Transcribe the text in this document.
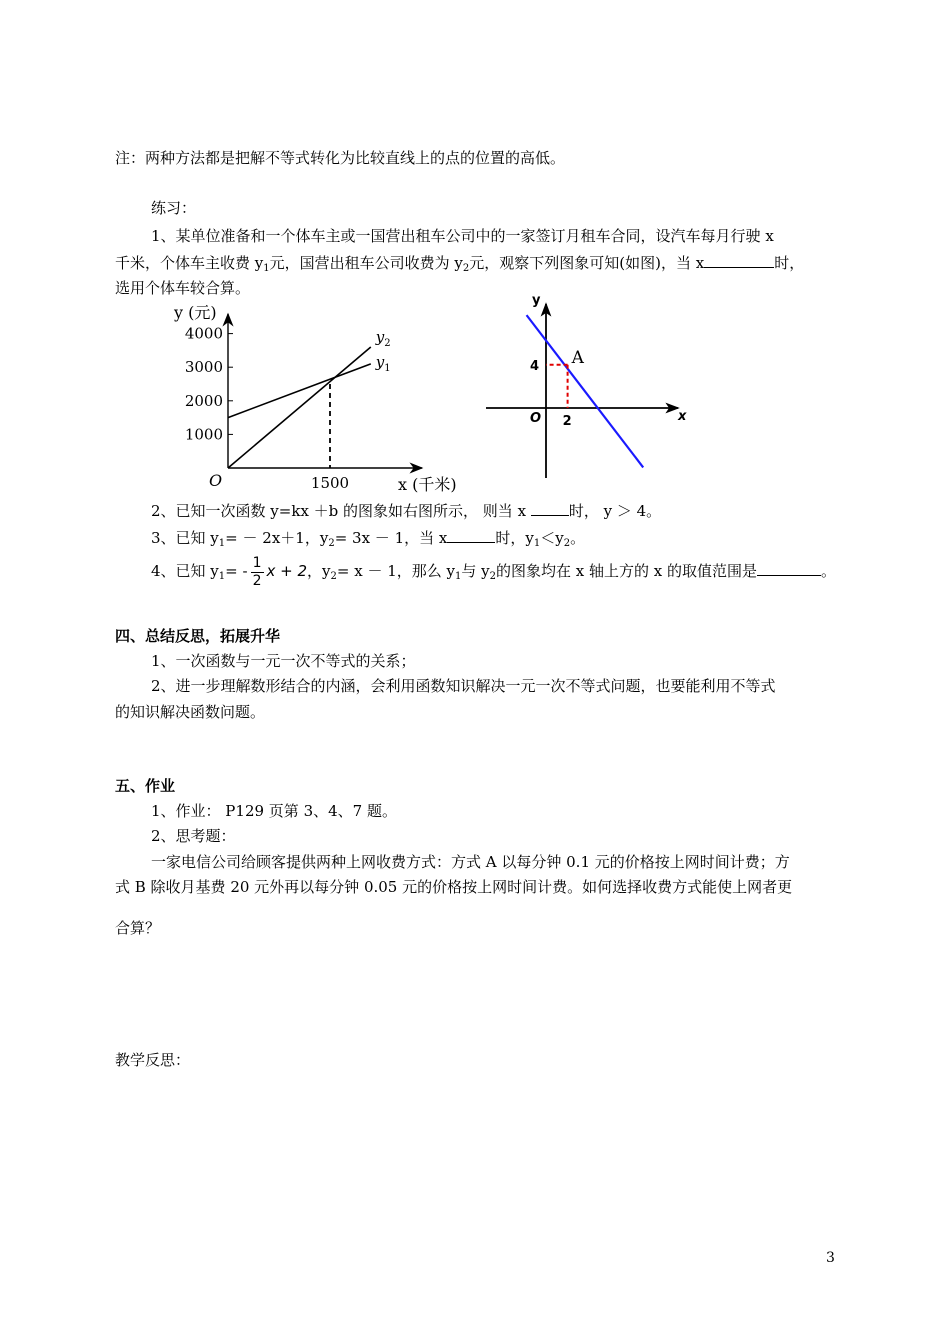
注：两种方法都是把解不等式转化为比较直线上的点的位置的高低。
练习：
1、某单位准备和一个体车主或一国营出租车公司中的一家签订月租车合同，设汽车每月行驶 x
千米，个体车主收费 $y_1$元，国营出租车公司收费为 $y_2$元，观察下列图象可知(如图)，当 x	时，
选用个体车较合算。
1000
2000
3000
4000
1500
O
y (元)
x (千米)
$y_2$
$y_1$
y
x
O
A
2
4
2、已知一次函数 y=kx ＋b 的图象如右图所示， 则当 x	时， y ＞ 4。
3、已知 $y_1= - 2x+1$，$y_2= 3x - 1$，当 x	时，$y_1<y_2$。
4、已知 $y_1= - \frac{1}{2}$ x + 2，$y_2= x - 1$，那么 $y_1$与 $y_2$的图象均在 x 轴上方的 x 的取值范围是	。
四、总结反思，拓展升华
1、一次函数与一元一次不等式的关系；
2、进一步理解数形结合的内涵，会利用函数知识解决一元一次不等式问题，也要能利用不等式
的知识解决函数问题。
五、作业
1、作业： P129 页第 3、4、7 题。
2、思考题：
一家电信公司给顾客提供两种上网收费方式：方式 A 以每分钟 0.1 元的价格按上网时间计费；方
式 B 除收月基费 20 元外再以每分钟 0.05 元的价格按上网时间计费。如何选择收费方式能使上网者更
合算？
教学反思：
3
